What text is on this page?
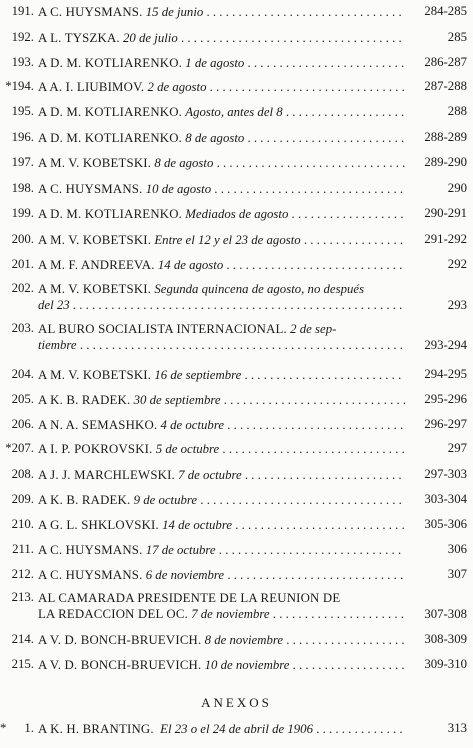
191. A C. HUYSMANS. 15 de junio . . .	284-285
192. A L. TYSZKA. 20 de julio . . .	285
193. A D. M. KOTLIARENKO. 1 de agosto . . .	286-287
*194. A A. I. LIUBIMOV. 2 de agosto . . .	287-288
195. A D. M. KOTLIARENKO. Agosto, antes del 8 . . .	288
196. A D. M. KOTLIARENKO. 8 de agosto . . .	288-289
197. A M. V. KOBETSKI. 8 de agosto . . .	289-290
198. A C. HUYSMANS. 10 de agosto . . .	290
199. A D. M. KOTLIARENKO. Mediados de agosto . . .	290-291
200. A M. V. KOBETSKI. Entre el 12 y el 23 de agosto . . .	291-292
201. A M. F. ANDREEVA. 14 de agosto . . .	292
202. A M. V. KOBETSKI. Segunda quincena de agosto, no después
del 23 . . .	293
203. AL BURO SOCIALISTA INTERNACIONAL. 2 de sep-
tiembre . . .	293-294
204. A M. V. KOBETSKI. 16 de septiembre . . .	294-295
205. A K. B. RADEK. 30 de septiembre . . .	295-296
206. A N. A. SEMASHKO. 4 de octubre . . .	296-297
*207. A I. P. POKROVSKI. 5 de octubre . . .	297
208. A J. J. MARCHLEWSKI. 7 de octubre . . .	297-303
209. A K. B. RADEK. 9 de octubre . . .	303-304
210. A G. L. SHKLOVSKI. 14 de octubre . . .	305-306
211. A C. HUYSMANS. 17 de octubre . . .	306
212. A C. HUYSMANS. 6 de noviembre . . .	307
213. AL CAMARADA PRESIDENTE DE LA REUNION DE
LA REDACCION DEL OC. 7 de noviembre . . .	307-308
214. A V. D. BONCH-BRUEVICH. 8 de noviembre . . .	308-309
215. A V. D. BONCH-BRUEVICH. 10 de noviembre . . .	309-310
ANEXOS
*	1. A K. H. BRANTING. El 23 o el 24 de abril de 1906 . . .	313
